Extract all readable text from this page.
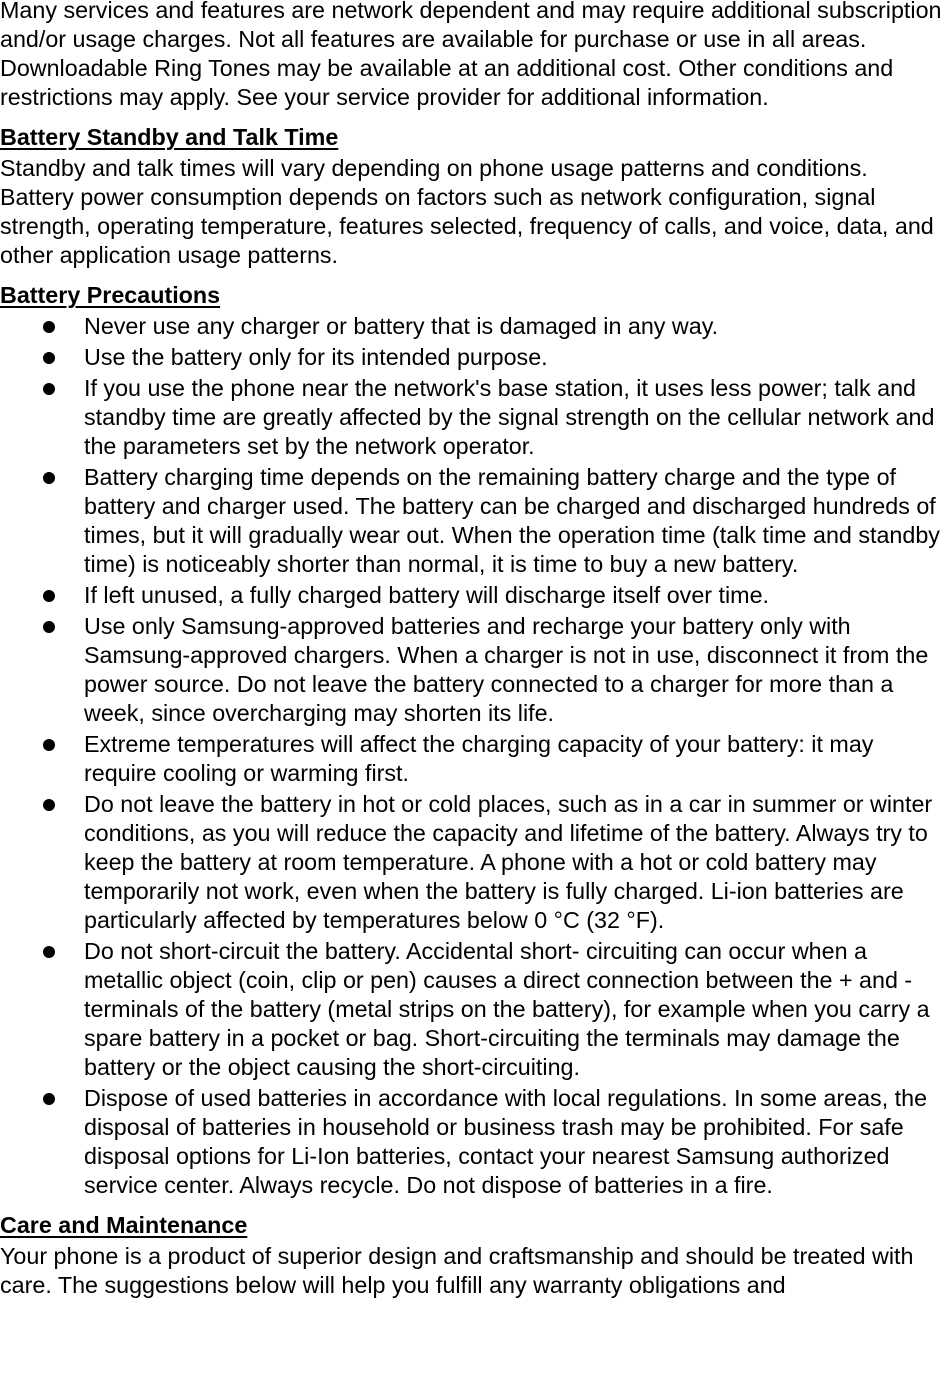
Many services and features are network dependent and may require additional subscription and/or usage charges. Not all features are available for purchase or use in all areas. Downloadable Ring Tones may be available at an additional cost. Other conditions and restrictions may apply. See your service provider for additional information.

Battery Standby and Talk Time

Standby and talk times will vary depending on phone usage patterns and conditions. Battery power consumption depends on factors such as network configuration, signal strength, operating temperature, features selected, frequency of calls, and voice, data, and other application usage patterns.

Battery Precautions

Never use any charger or battery that is damaged in any way.
Use the battery only for its intended purpose.
If you use the phone near the network's base station, it uses less power; talk and standby time are greatly affected by the signal strength on the cellular network and the parameters set by the network operator.
Battery charging time depends on the remaining battery charge and the type of battery and charger used. The battery can be charged and discharged hundreds of times, but it will gradually wear out. When the operation time (talk time and standby time) is noticeably shorter than normal, it is time to buy a new battery.
If left unused, a fully charged battery will discharge itself over time.
Use only Samsung-approved batteries and recharge your battery only with Samsung-approved chargers. When a charger is not in use, disconnect it from the power source. Do not leave the battery connected to a charger for more than a week, since overcharging may shorten its life.
Extreme temperatures will affect the charging capacity of your battery: it may require cooling or warming first.
Do not leave the battery in hot or cold places, such as in a car in summer or winter conditions, as you will reduce the capacity and lifetime of the battery. Always try to keep the battery at room temperature. A phone with a hot or cold battery may temporarily not work, even when the battery is fully charged. Li-ion batteries are particularly affected by temperatures below 0 °C (32 °F).
Do not short-circuit the battery. Accidental short- circuiting can occur when a metallic object (coin, clip or pen) causes a direct connection between the + and - terminals of the battery (metal strips on the battery), for example when you carry a spare battery in a pocket or bag. Short-circuiting the terminals may damage the battery or the object causing the short-circuiting.
Dispose of used batteries in accordance with local regulations. In some areas, the disposal of batteries in household or business trash may be prohibited. For safe disposal options for Li-Ion batteries, contact your nearest Samsung authorized service center. Always recycle. Do not dispose of batteries in a fire.

Care and Maintenance

Your phone is a product of superior design and craftsmanship and should be treated with care. The suggestions below will help you fulfill any warranty obligations and
